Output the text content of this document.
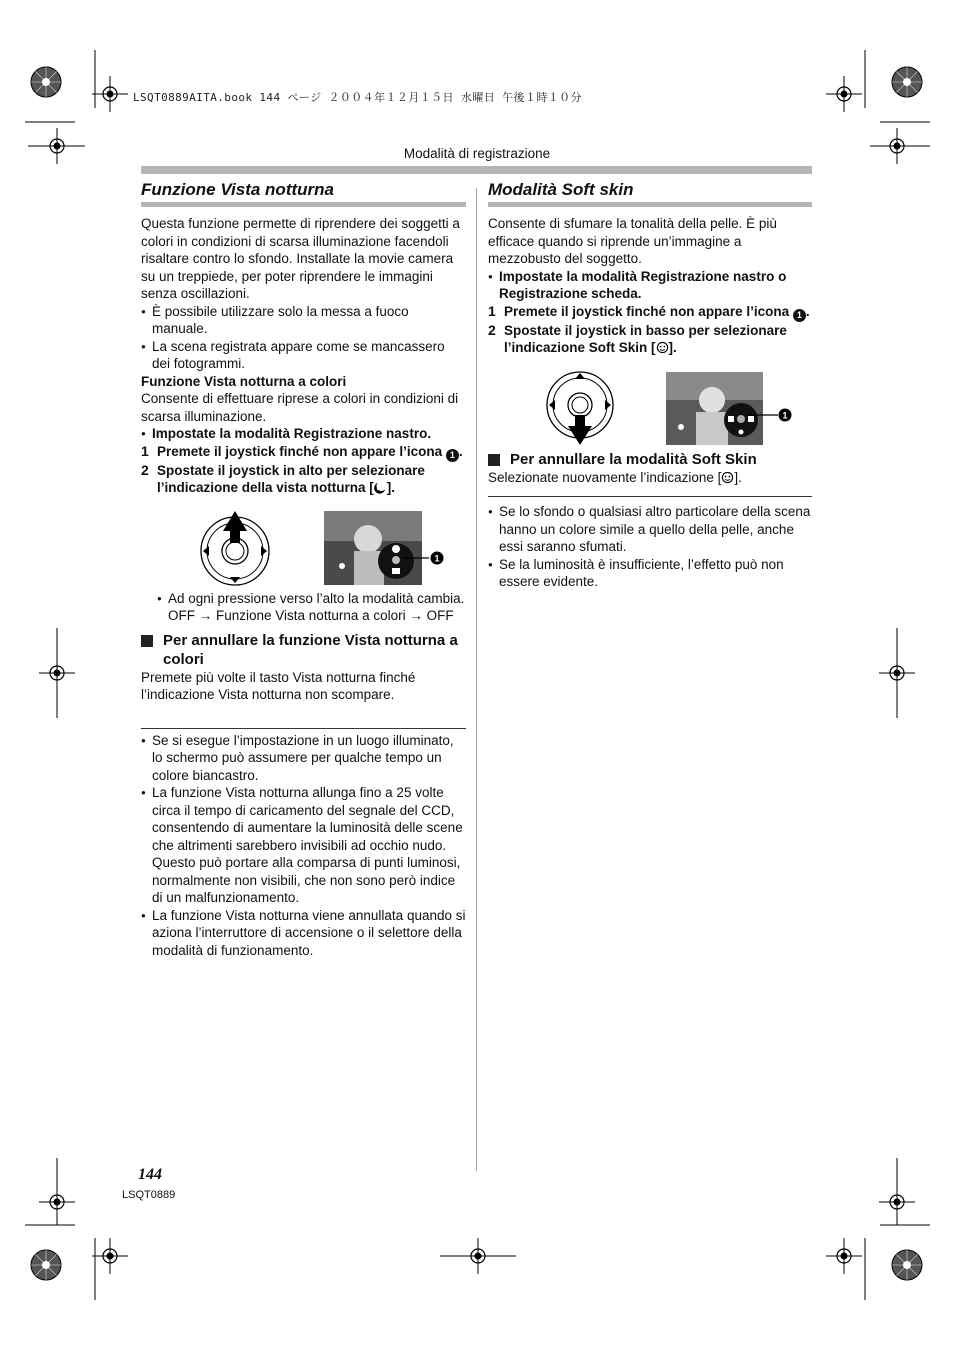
LSQT0889AITA.book 144 ページ ２００４年１２月１５日 水曜日 午後１時１０分
Modalità di registrazione
Funzione Vista notturna

Questa funzione permette di riprendere dei soggetti a colori in condizioni di scarsa illuminazione facendoli risaltare contro lo sfondo. Installate la movie camera su un treppiede, per poter riprendere le immagini senza oscillazioni.

● È possibile utilizzare solo la messa a fuoco manuale.

● La scena registrata appare come se mancassero dei fotogrammi.

Funzione Vista notturna a colori

Consente di effettuare riprese a colori in condizioni di scarsa illuminazione.

● Impostate la modalità Registrazione nastro.

1 Premete il joystick finché non appare l’icona 1 .

2 Spostate il joystick in alto per selezionare l’indicazione della vista notturna [ ].

1

● Ad ogni pressione verso l’alto la modalità cambia.

OFF → Funzione Vista notturna a colori → OFF

Per annullare la funzione Vista notturna a colori

Premete più volte il tasto Vista notturna finché l’indicazione Vista notturna non scompare.

● Se si esegue l’impostazione in un luogo illuminato, lo schermo può assumere per qualche tempo un colore biancastro.

● La funzione Vista notturna allunga fino a 25 volte circa il tempo di caricamento del segnale del CCD, consentendo di aumentare la luminosità delle scene che altrimenti sarebbero invisibili ad occhio nudo. Questo può portare alla comparsa di punti luminosi, normalmente non visibili, che non sono però indice di un malfunzionamento.

● La funzione Vista notturna viene annullata quando si aziona l’interruttore di accensione o il selettore della modalità di funzionamento.

Modalità Soft skin

Consente di sfumare la tonalità della pelle. È più efficace quando si riprende un’immagine a mezzobusto del soggetto.

● Impostate la modalità Registrazione nastro o Registrazione scheda.

1 Premete il joystick finché non appare l’icona 1 .

2 Spostate il joystick in basso per selezionare l’indicazione Soft Skin [ ].

1
Per annullare la modalità Soft Skin

Selezionate nuovamente l’indicazione [ ].

● Se lo sfondo o qualsiasi altro particolare della scena hanno un colore simile a quello della pelle, anche essi saranno sfumati.

● Se la luminosità è insufficiente, l’effetto può non essere evidente.

144
LSQT0889
